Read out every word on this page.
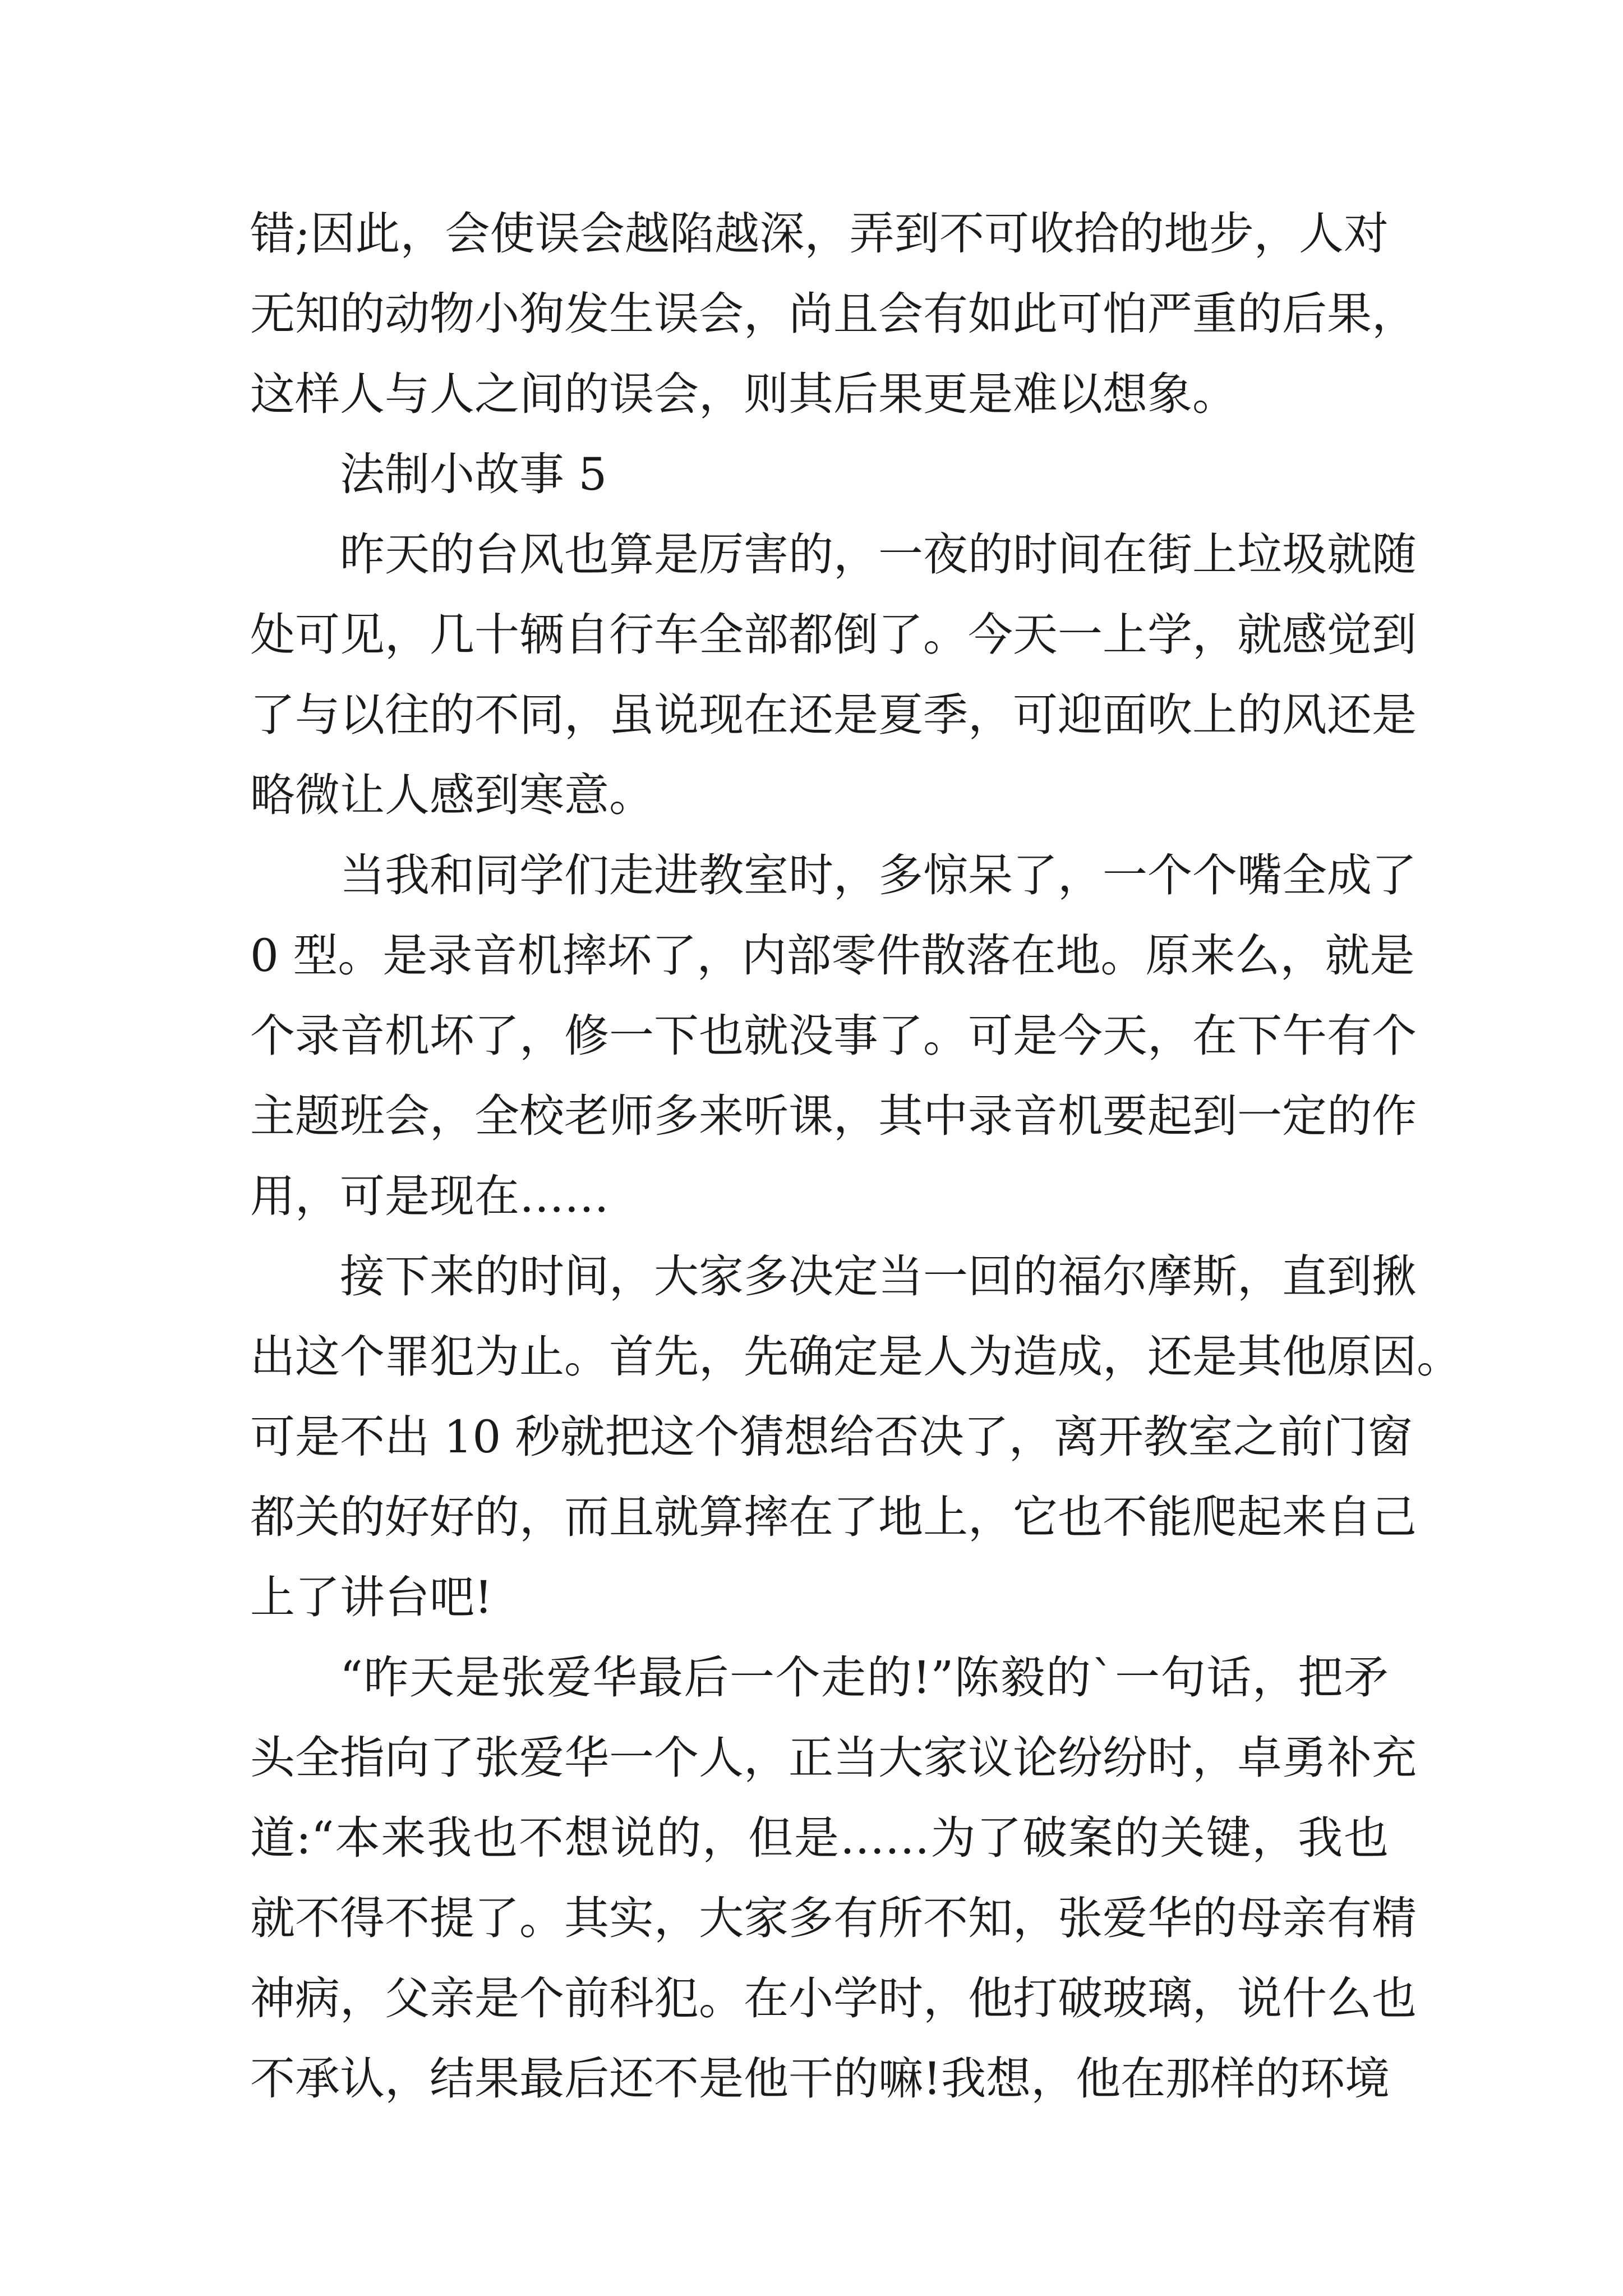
错;因此，会使误会越陷越深，弄到不可收拾的地步，人对
无知的动物小狗发生误会，尚且会有如此可怕严重的后果，
这样人与人之间的误会，则其后果更是难以想象。
法制小故事 5
昨天的台风也算是厉害的，一夜的时间在街上垃圾就随
处可见，几十辆自行车全部都倒了。今天一上学，就感觉到
了与以往的不同，虽说现在还是夏季，可迎面吹上的风还是
略微让人感到寒意。
当我和同学们走进教室时，多惊呆了，一个个嘴全成了
0 型。是录音机摔坏了，内部零件散落在地。原来么，就是
个录音机坏了，修一下也就没事了。可是今天，在下午有个
主题班会，全校老师多来听课，其中录音机要起到一定的作
用，可是现在……
接下来的时间，大家多决定当一回的福尔摩斯，直到揪
出这个罪犯为止。首先，先确定是人为造成，还是其他原因。
可是不出 10 秒就把这个猜想给否决了，离开教室之前门窗
都关的好好的，而且就算摔在了地上，它也不能爬起来自己
上了讲台吧!
“昨天是张爱华最后一个走的!”陈毅的`一句话，把矛
头全指向了张爱华一个人，正当大家议论纷纷时，卓勇补充
道:“本来我也不想说的，但是……为了破案的关键，我也
就不得不提了。其实，大家多有所不知，张爱华的母亲有精
神病，父亲是个前科犯。在小学时，他打破玻璃，说什么也
不承认，结果最后还不是他干的嘛!我想，他在那样的环境
